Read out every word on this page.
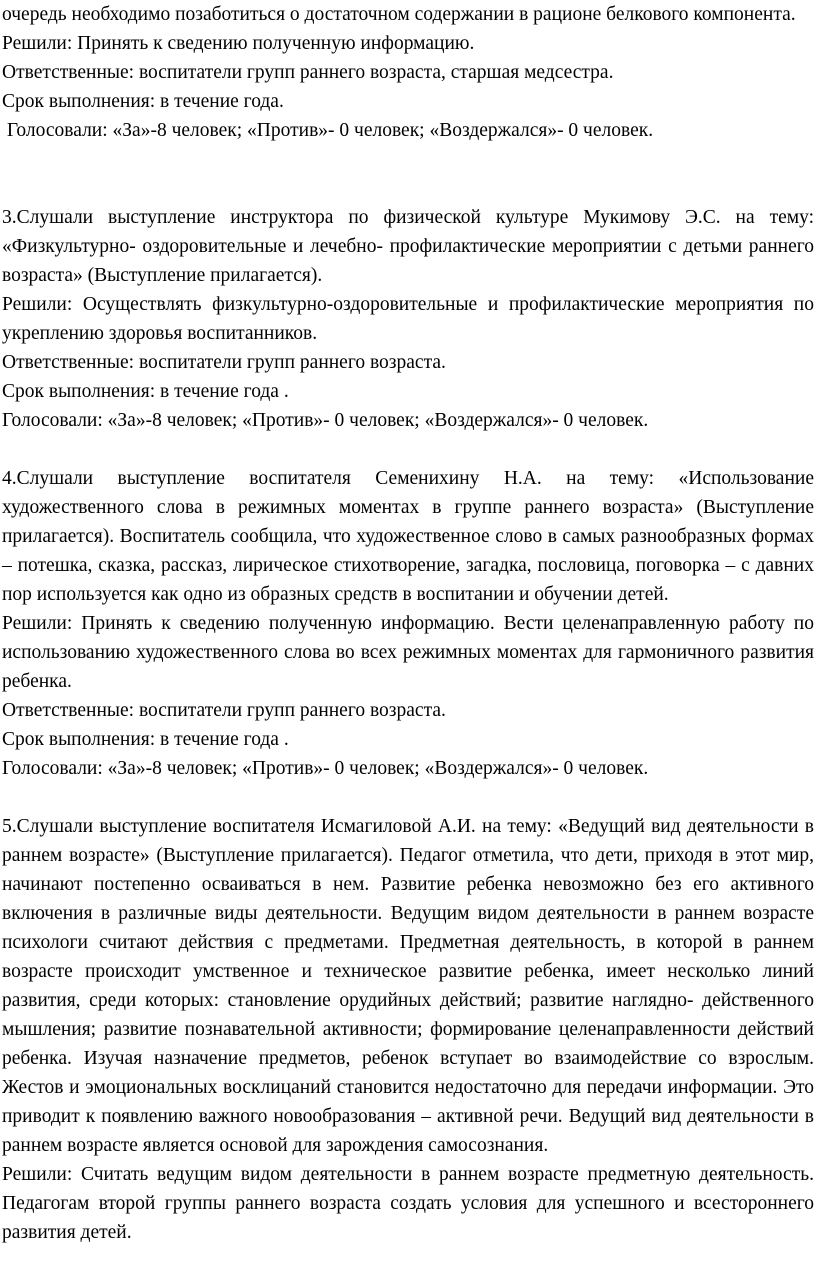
очередь необходимо позаботиться о достаточном содержании в рационе белкового компонента.

Решили: Принять к сведению полученную информацию.

Ответственные: воспитатели групп раннего возраста, старшая медсестра.

Срок выполнения: в течение года.

Голосовали: «За»-8 человек; «Против»- 0 человек; «Воздержался»- 0 человек.

3.Слушали выступление инструктора по физической культуре Мукимову Э.С. на тему: «Физкультурно- оздоровительные и лечебно- профилактические мероприятии с детьми раннего возраста» (Выступление прилагается).

Решили: Осуществлять физкультурно-оздоровительные и профилактические мероприятия по укреплению здоровья воспитанников.

Ответственные: воспитатели групп раннего возраста.

Срок выполнения: в течение года .

Голосовали: «За»-8 человек; «Против»- 0 человек; «Воздержался»- 0 человек.

4.Слушали выступление воспитателя Семенихину Н.А. на тему: «Использование художественного слова в режимных моментах в группе раннего возраста» (Выступление прилагается). Воспитатель сообщила, что художественное слово в самых разнообразных формах – потешка, сказка, рассказ, лирическое стихотворение, загадка, пословица, поговорка – с давних пор используется как одно из образных средств в воспитании и обучении детей.

Решили: Принять к сведению полученную информацию. Вести целенаправленную работу по использованию художественного слова во всех режимных моментах для гармоничного развития ребенка.

Ответственные: воспитатели групп раннего возраста.

Срок выполнения: в течение года .

Голосовали: «За»-8 человек; «Против»- 0 человек; «Воздержался»- 0 человек.

5.Слушали выступление воспитателя Исмагиловой А.И. на тему: «Ведущий вид деятельности в раннем возрасте» (Выступление прилагается). Педагог отметила, что дети, приходя в этот мир, начинают постепенно осваиваться в нем. Развитие ребенка невозможно без его активного включения в различные виды деятельности. Ведущим видом деятельности в раннем возрасте психологи считают действия с предметами. Предметная деятельность, в которой в раннем возрасте происходит умственное и техническое развитие ребенка, имеет несколько линий развития, среди которых: становление орудийных действий; развитие наглядно- действенного мышления; развитие познавательной активности; формирование целенаправленности действий ребенка. Изучая назначение предметов, ребенок вступает во взаимодействие со взрослым. Жестов и эмоциональных восклицаний становится недостаточно для передачи информации. Это приводит к появлению важного новообразования – активной речи. Ведущий вид деятельности в раннем возрасте является основой для зарождения самосознания.

Решили: Считать ведущим видом деятельности в раннем возрасте предметную деятельность. Педагогам второй группы раннего возраста создать условия для успешного и всестороннего развития детей.
